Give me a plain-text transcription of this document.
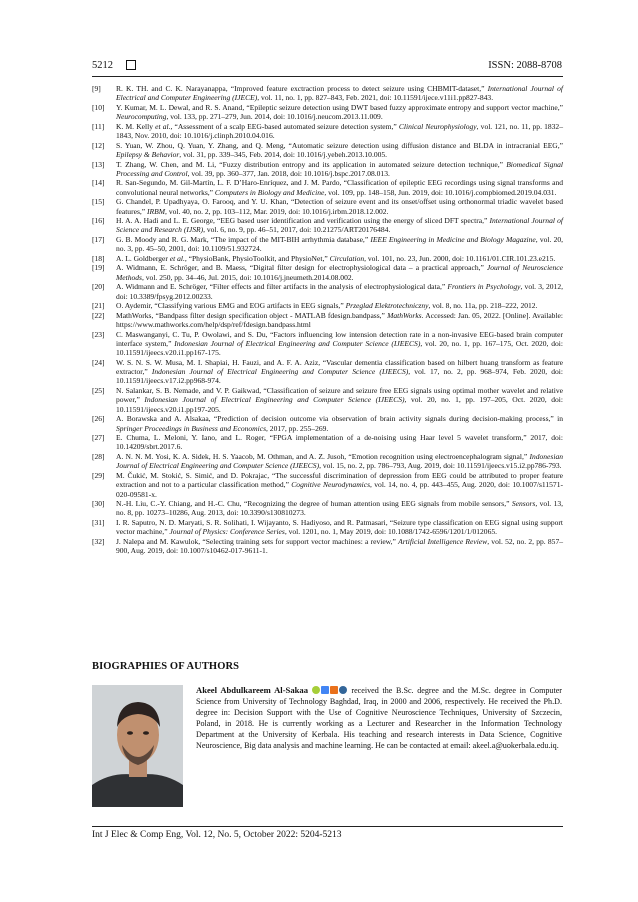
5212	ISSN: 2088-8708
[9]	R. K. TH. and C. K. Narayanappa, “Improved feature exctraction process to detect seizure using CHBMIT-dataset,” International Journal of Electrical and Computer Engineering (IJECE), vol. 11, no. 1, pp. 827–843, Feb. 2021, doi: 10.11591/ijece.v11i1.pp827-843.
[10]	Y. Kumar, M. L. Dewal, and R. S. Anand, “Epileptic seizure detection using DWT based fuzzy approximate entropy and support vector machine,” Neurocomputing, vol. 133, pp. 271–279, Jun. 2014, doi: 10.1016/j.neucom.2013.11.009.
[11]	K. M. Kelly et al., “Assessment of a scalp EEG-based automated seizure detection system,” Clinical Neurophysiology, vol. 121, no. 11, pp. 1832–1843, Nov. 2010, doi: 10.1016/j.clinph.2010.04.016.
[12]	S. Yuan, W. Zhou, Q. Yuan, Y. Zhang, and Q. Meng, “Automatic seizure detection using diffusion distance and BLDA in intracranial EEG,” Epilepsy & Behavior, vol. 31, pp. 339–345, Feb. 2014, doi: 10.1016/j.yebeh.2013.10.005.
[13]	T. Zhang, W. Chen, and M. Li, “Fuzzy distribution entropy and its application in automated seizure detection technique,” Biomedical Signal Processing and Control, vol. 39, pp. 360–377, Jan. 2018, doi: 10.1016/j.bspc.2017.08.013.
[14]	R. San-Segundo, M. Gil-Martín, L. F. D’Haro-Enríquez, and J. M. Pardo, “Classification of epileptic EEG recordings using signal transforms and convolutional neural networks,” Computers in Biology and Medicine, vol. 109, pp. 148–158, Jun. 2019, doi: 10.1016/j.compbiomed.2019.04.031.
[15]	G. Chandel, P. Upadhyaya, O. Farooq, and Y. U. Khan, “Detection of seizure event and its onset/offset using orthonormal triadic wavelet based features,” IRBM, vol. 40, no. 2, pp. 103–112, Mar. 2019, doi: 10.1016/j.irbm.2018.12.002.
[16]	H. A. A. Hadi and L. E. George, “EEG based user identification and verification using the energy of sliced DFT spectra,” International Journal of Science and Research (IJSR), vol. 6, no. 9, pp. 46–51, 2017, doi: 10.21275/ART20176484.
[17]	G. B. Moody and R. G. Mark, “The impact of the MIT-BIH arrhythmia database,” IEEE Engineering in Medicine and Biology Magazine, vol. 20, no. 3, pp. 45–50, 2001, doi: 10.1109/51.932724.
[18]	A. L. Goldberger et al., “PhysioBank, PhysioToolkit, and PhysioNet,” Circulation, vol. 101, no. 23, Jun. 2000, doi: 10.1161/01.CIR.101.23.e215.
[19]	A. Widmann, E. Schröger, and B. Maess, “Digital filter design for electrophysiological data – a practical approach,” Journal of Neuroscience Methods, vol. 250, pp. 34–46, Jul. 2015, doi: 10.1016/j.jneumeth.2014.08.002.
[20]	A. Widmann and E. Schröger, “Filter effects and filter artifacts in the analysis of electrophysiological data,” Frontiers in Psychology, vol. 3, 2012, doi: 10.3389/fpsyg.2012.00233.
[21]	O. Aydemir, “Classifying various EMG and EOG artifacts in EEG signals,” Przeglad Elektrotechniczny, vol. 8, no. 11a, pp. 218–222, 2012.
[22]	MathWorks, “Bandpass filter design specification object - MATLAB fdesign.bandpass,” MathWorks. Accessed: Jan. 05, 2022. [Online]. Available: https://www.mathworks.com/help/dsp/ref/fdesign.bandpass.html
[23]	C. Maswanganyi, C. Tu, P. Owolawi, and S. Du, “Factors influencing low intension detection rate in a non-invasive EEG-based brain computer interface system,” Indonesian Journal of Electrical Engineering and Computer Science (IJEECS), vol. 20, no. 1, pp. 167–175, Oct. 2020, doi: 10.11591/ijeecs.v20.i1.pp167-175.
[24]	W. S. N. S. W. Musa, M. I. Shapiai, H. Fauzi, and A. F. A. Aziz, “Vascular dementia classification based on hilbert huang transform as feature extractor,” Indonesian Journal of Electrical Engineering and Computer Science (IJEECS), vol. 17, no. 2, pp. 968–974, Feb. 2020, doi: 10.11591/ijeecs.v17.i2.pp968-974.
[25]	N. Salankar, S. B. Nemade, and V. P. Gaikwad, “Classification of seizure and seizure free EEG signals using optimal mother wavelet and relative power,” Indonesian Journal of Electrical Engineering and Computer Science (IJEECS), vol. 20, no. 1, pp. 197–205, Oct. 2020, doi: 10.11591/ijeecs.v20.i1.pp197-205.
[26]	A. Borawska and A. Alsakaa, “Prediction of decision outcome via observation of brain activity signals during decision-making process,” in Springer Proceedings in Business and Economics, 2017, pp. 255–269.
[27]	E. Chuma, L. Meloni, Y. Iano, and L. Roger, “FPGA implementation of a de-noising using Haar level 5 wavelet transform,” 2017, doi: 10.14209/sbrt.2017.6.
[28]	A. N. N. M. Yosi, K. A. Sidek, H. S. Yaacob, M. Othman, and A. Z. Jusoh, “Emotion recognition using electroencephalogram signal,” Indonesian Journal of Electrical Engineering and Computer Science (IJEECS), vol. 15, no. 2, pp. 786–793, Aug. 2019, doi: 10.11591/ijeecs.v15.i2.pp786-793.
[29]	M. Čukić, M. Stokić, S. Simić, and D. Pokrajac, “The successful discrimination of depression from EEG could be attributed to proper feature extraction and not to a particular classification method,” Cognitive Neurodynamics, vol. 14, no. 4, pp. 443–455, Aug. 2020, doi: 10.1007/s11571-020-09581-x.
[30]	N.-H. Liu, C.-Y. Chiang, and H.-C. Chu, “Recognizing the degree of human attention using EEG signals from mobile sensors,” Sensors, vol. 13, no. 8, pp. 10273–10286, Aug. 2013, doi: 10.3390/s130810273.
[31]	I. R. Saputro, N. D. Maryati, S. R. Solihati, I. Wijayanto, S. Hadiyoso, and R. Patmasari, “Seizure type classification on EEG signal using support vector machine,” Journal of Physics: Conference Series, vol. 1201, no. 1, May 2019, doi: 10.1088/1742-6596/1201/1/012065.
[32]	J. Nalepa and M. Kawulok, “Selecting training sets for support vector machines: a review,” Artificial Intelligence Review, vol. 52, no. 2, pp. 857–900, Aug. 2019, doi: 10.1007/s10462-017-9611-1.
BIOGRAPHIES OF AUTHORS
Akeel Abdulkareem Al-Sakaa	received the B.Sc. degree and the M.Sc. degree in Computer Science from University of Technology Baghdad, Iraq, in 2000 and 2006, respectively. He received the Ph.D. degree in: Decision Support with the Use of Cognitive Neuroscience Techniques, University of Szczecin, Poland, in 2018. He is currently working as a Lecturer and Researcher in the Information Technology Department at the University of Kerbala. His teaching and research interests in Data Science, Cognitive Neuroscience, Big data analysis and machine learning. He can be contacted at email: akeel.a@uokerbala.edu.iq.
Int J Elec & Comp Eng, Vol. 12, No. 5, October 2022: 5204-5213
